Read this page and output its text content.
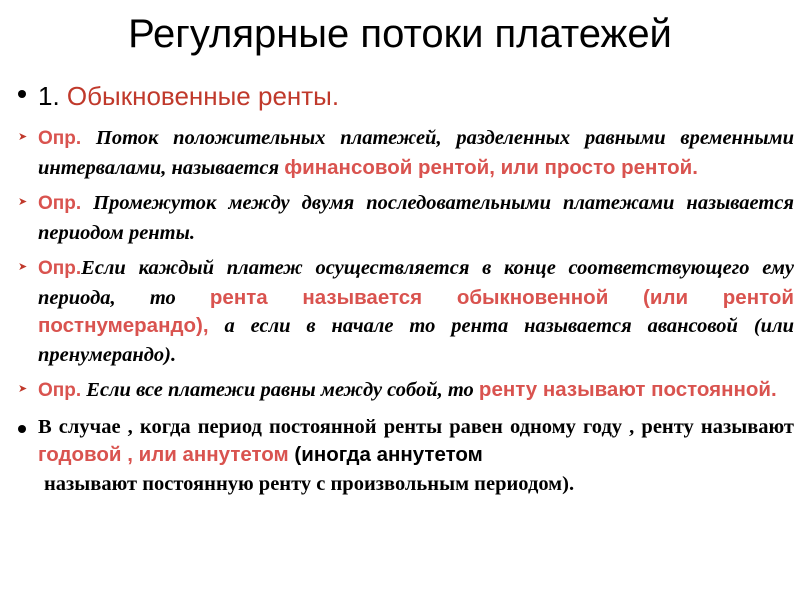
Регулярные потоки платежей
1. Обыкновенные ренты.
➤ Опр. Поток положительных платежей, разделенных равными временными интервалами, называется финансовой рентой, или просто рентой.
➤ Опр. Промежуток между двумя последовательными платежами называется периодом ренты.
➤ Опр.Если каждый платеж осуществляется в конце соответствующего ему периода, то рента называется обыкновенной (или рентой постнумерандо), а если в начале то рента называется авансовой (или пренумерандо).
➤ Опр. Если все платежи равны между собой, то ренту называют постоянной.
В случае , когда период постоянной ренты равен одному году , ренту называют годовой , или аннутетом (иногда аннутетом
называют постоянную ренту с произвольным периодом).
